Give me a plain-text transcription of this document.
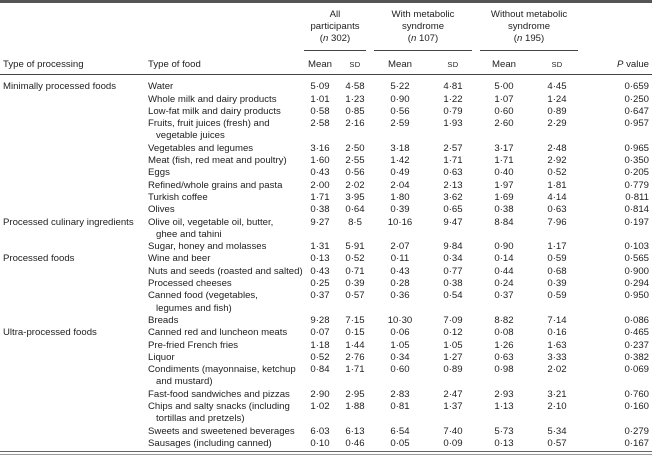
		All
participants
(n 302)		With metabolic
syndrome
(n 107)		Without metabolic
syndrome
(n 195)		

Type of processing	Type of food	Mean	SD	Mean	SD	Mean	SD	P value
Minimally processed foods	Water	5·09	4·58	5·22	4·81	5·00	4·45	0·659

	Whole milk and dairy products	1·01	1·23	0·90	1·22	1·07	1·24	0·250

	Low-fat milk and dairy products	0·58	0·85	0·56	0·79	0·60	0·89	0·647

	Fruits, fruit juices (fresh) and
vegetable juices	2·58	2·16	2·59	1·93	2·60	2·29	0·957

	Vegetables and legumes	3·16	2·50	3·18	2·57	3·17	2·48	0·965

	Meat (fish, red meat and poultry)	1·60	2·55	1·42	1·71	1·71	2·92	0·350

	Eggs	0·43	0·56	0·49	0·63	0·40	0·52	0·205

	Refined/whole grains and pasta	2·00	2·02	2·04	2·13	1·97	1·81	0·779

	Turkish coffee	1·71	3·95	1·80	3·62	1·69	4·14	0·811

	Olives	0·38	0·64	0·39	0·65	0·38	0·63	0·814
Processed culinary ingredients	Olive oil, vegetable oil, butter,
ghee and tahini	9·27	8·5	10·16	9·47	8·84	7·96	0·197

	Sugar, honey and molasses	1·31	5·91	2·07	9·84	0·90	1·17	0·103
Processed foods	Wine and beer	0·13	0·52	0·11	0·34	0·14	0·59	0·565

	Nuts and seeds (roasted and salted)	0·43	0·71	0·43	0·77	0·44	0·68	0·900

	Processed cheeses	0·25	0·39	0·28	0·38	0·24	0·39	0·294

	Canned food (vegetables,
legumes and fish)	0·37	0·57	0·36	0·54	0·37	0·59	0·950

	Breads	9·28	7·15	10·30	7·09	8·82	7·14	0·086
Ultra-processed foods	Canned red and luncheon meats	0·07	0·15	0·06	0·12	0·08	0·16	0·465

	Pre-fried French fries	1·18	1·44	1·05	1·05	1·26	1·63	0·237

	Liquor	0·52	2·76	0·34	1·27	0·63	3·33	0·382

	Condiments (mayonnaise, ketchup
and mustard)	0·84	1·71	0·60	0·89	0·98	2·02	0·069

	Fast-food sandwiches and pizzas	2·90	2·95	2·83	2·47	2·93	3·21	0·760

	Chips and salty snacks (including
tortillas and pretzels)	1·02	1·88	0·81	1·37	1·13	2·10	0·160

	Sweets and sweetened beverages	6·03	6·13	6·54	7·40	5·73	5·34	0·279

	Sausages (including canned)	0·10	0·46	0·05	0·09	0·13	0·57	0·167
